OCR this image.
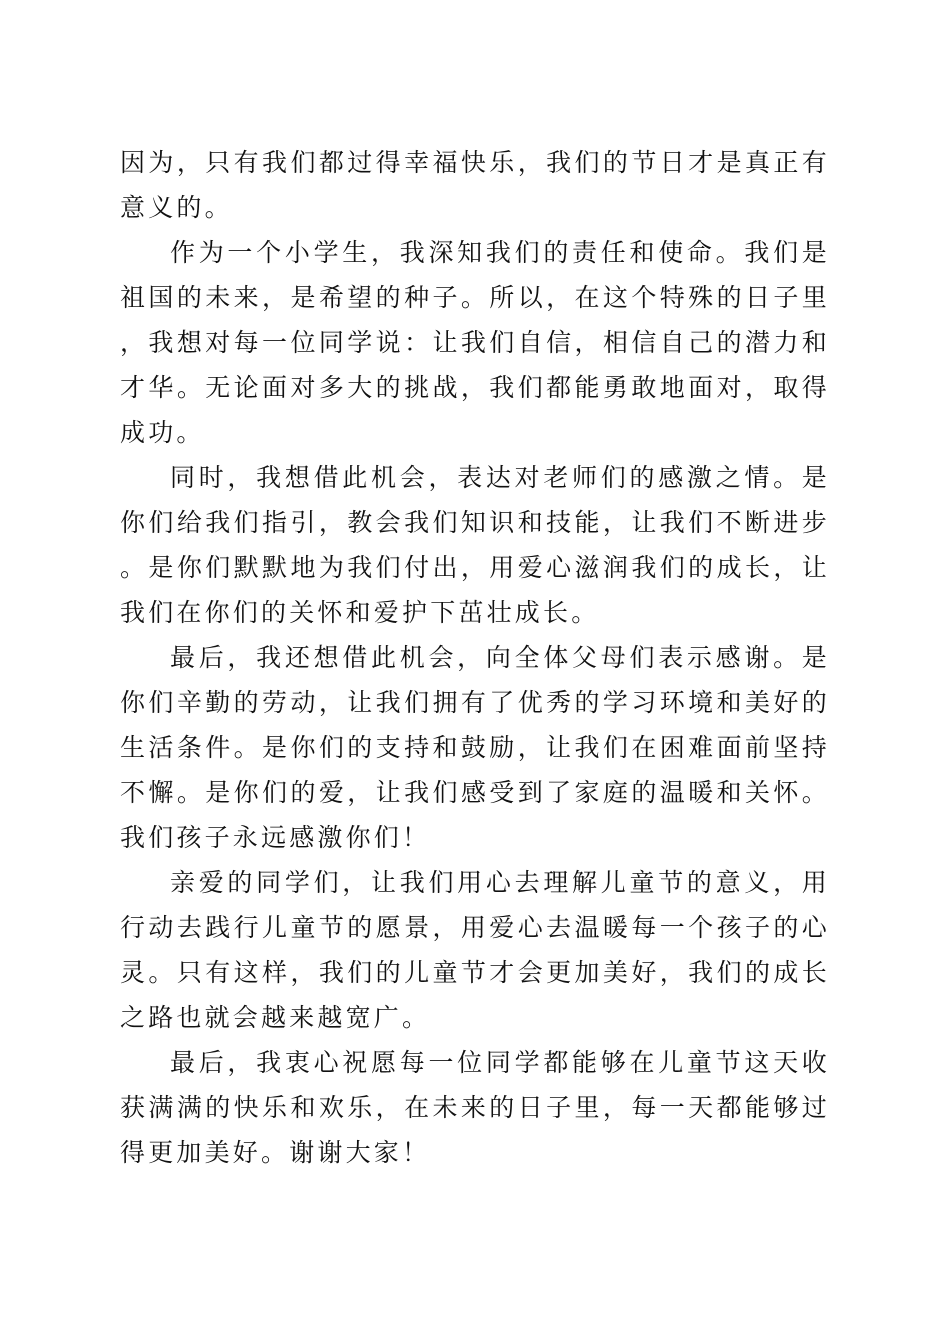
因为，只有我们都过得幸福快乐，我们的节日才是真正有意义的。

作为一个小学生，我深知我们的责任和使命。我们是祖国的未来，是希望的种子。所以，在这个特殊的日子里，我想对每一位同学说：让我们自信，相信自己的潜力和才华。无论面对多大的挑战，我们都能勇敢地面对，取得成功。

同时，我想借此机会，表达对老师们的感激之情。是你们给我们指引，教会我们知识和技能，让我们不断进步。是你们默默地为我们付出，用爱心滋润我们的成长，让我们在你们的关怀和爱护下茁壮成长。

最后，我还想借此机会，向全体父母们表示感谢。是你们辛勤的劳动，让我们拥有了优秀的学习环境和美好的生活条件。是你们的支持和鼓励，让我们在困难面前坚持不懈。是你们的爱，让我们感受到了家庭的温暖和关怀。我们孩子永远感激你们！

亲爱的同学们，让我们用心去理解儿童节的意义，用行动去践行儿童节的愿景，用爱心去温暖每一个孩子的心灵。只有这样，我们的儿童节才会更加美好，我们的成长之路也就会越来越宽广。

最后，我衷心祝愿每一位同学都能够在儿童节这天收获满满的快乐和欢乐，在未来的日子里，每一天都能够过得更加美好。谢谢大家！
